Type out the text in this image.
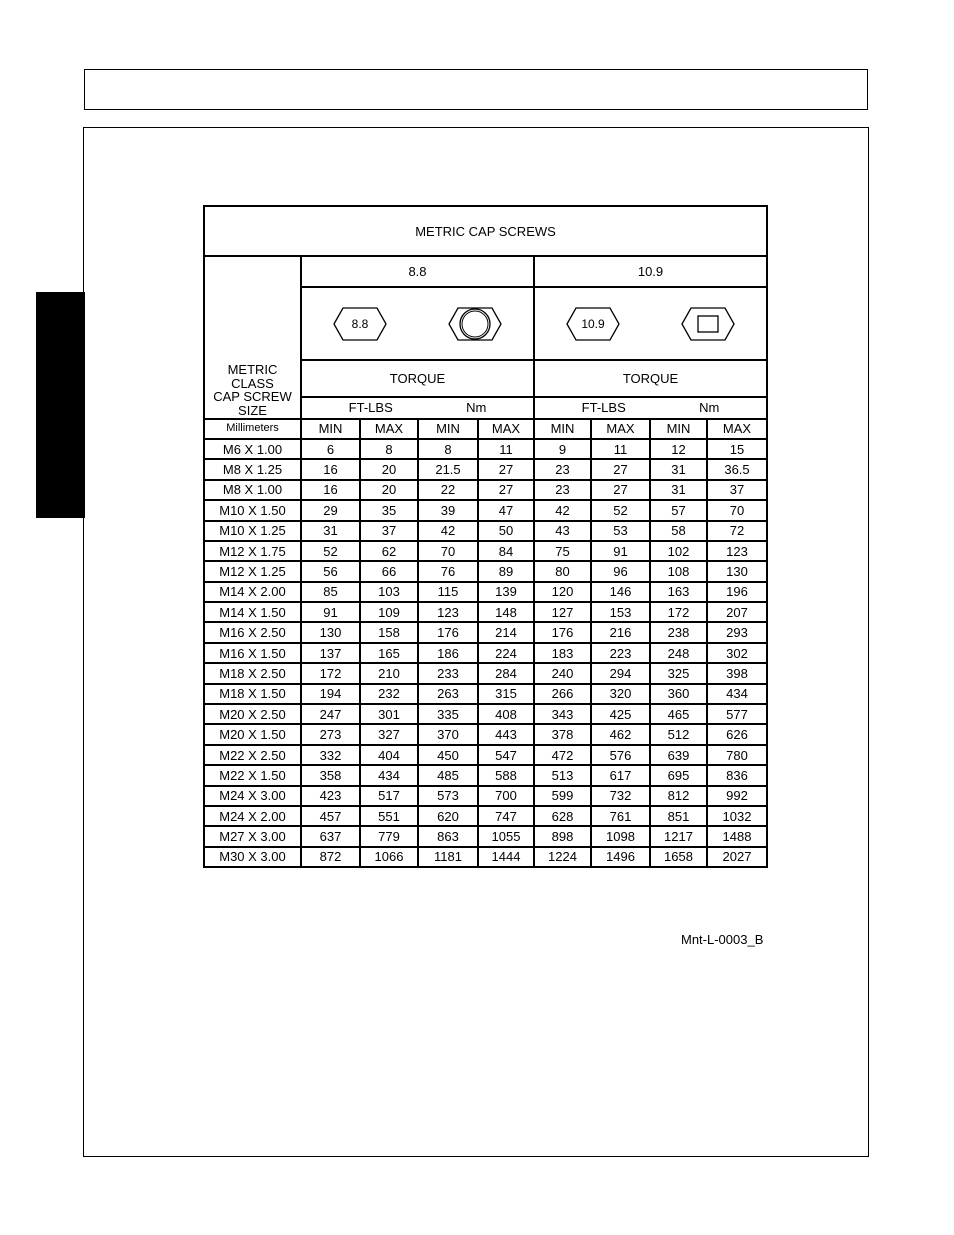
METRIC CAP SCREWS								

METRIC CLASS
CAP SCREW
SIZE	8.8				10.9			

8.8				10.9			

	TORQUE				TORQUE			

	FT-LBS Nm				FT-LBS Nm			

Millimeters	MIN	MAX	MIN	MAX	MIN	MAX	MIN	MAX
M6 X 1.00	6	8	8	11	9	11	12	15
M8 X 1.25	16	20	21.5	27	23	27	31	36.5
M8 X 1.00	16	20	22	27	23	27	31	37
M10 X 1.50	29	35	39	47	42	52	57	70
M10 X 1.25	31	37	42	50	43	53	58	72
M12 X 1.75	52	62	70	84	75	91	102	123
M12 X 1.25	56	66	76	89	80	96	108	130
M14 X 2.00	85	103	115	139	120	146	163	196
M14 X 1.50	91	109	123	148	127	153	172	207
M16 X 2.50	130	158	176	214	176	216	238	293
M16 X 1.50	137	165	186	224	183	223	248	302
M18 X 2.50	172	210	233	284	240	294	325	398
M18 X 1.50	194	232	263	315	266	320	360	434
M20 X 2.50	247	301	335	408	343	425	465	577
M20 X 1.50	273	327	370	443	378	462	512	626
M22 X 2.50	332	404	450	547	472	576	639	780
M22 X 1.50	358	434	485	588	513	617	695	836
M24 X 3.00	423	517	573	700	599	732	812	992
M24 X 2.00	457	551	620	747	628	761	851	1032
M27 X 3.00	637	779	863	1055	898	1098	1217	1488
M30 X 3.00	872	1066	1181	1444	1224	1496	1658	2027
Mnt-L-0003_B
